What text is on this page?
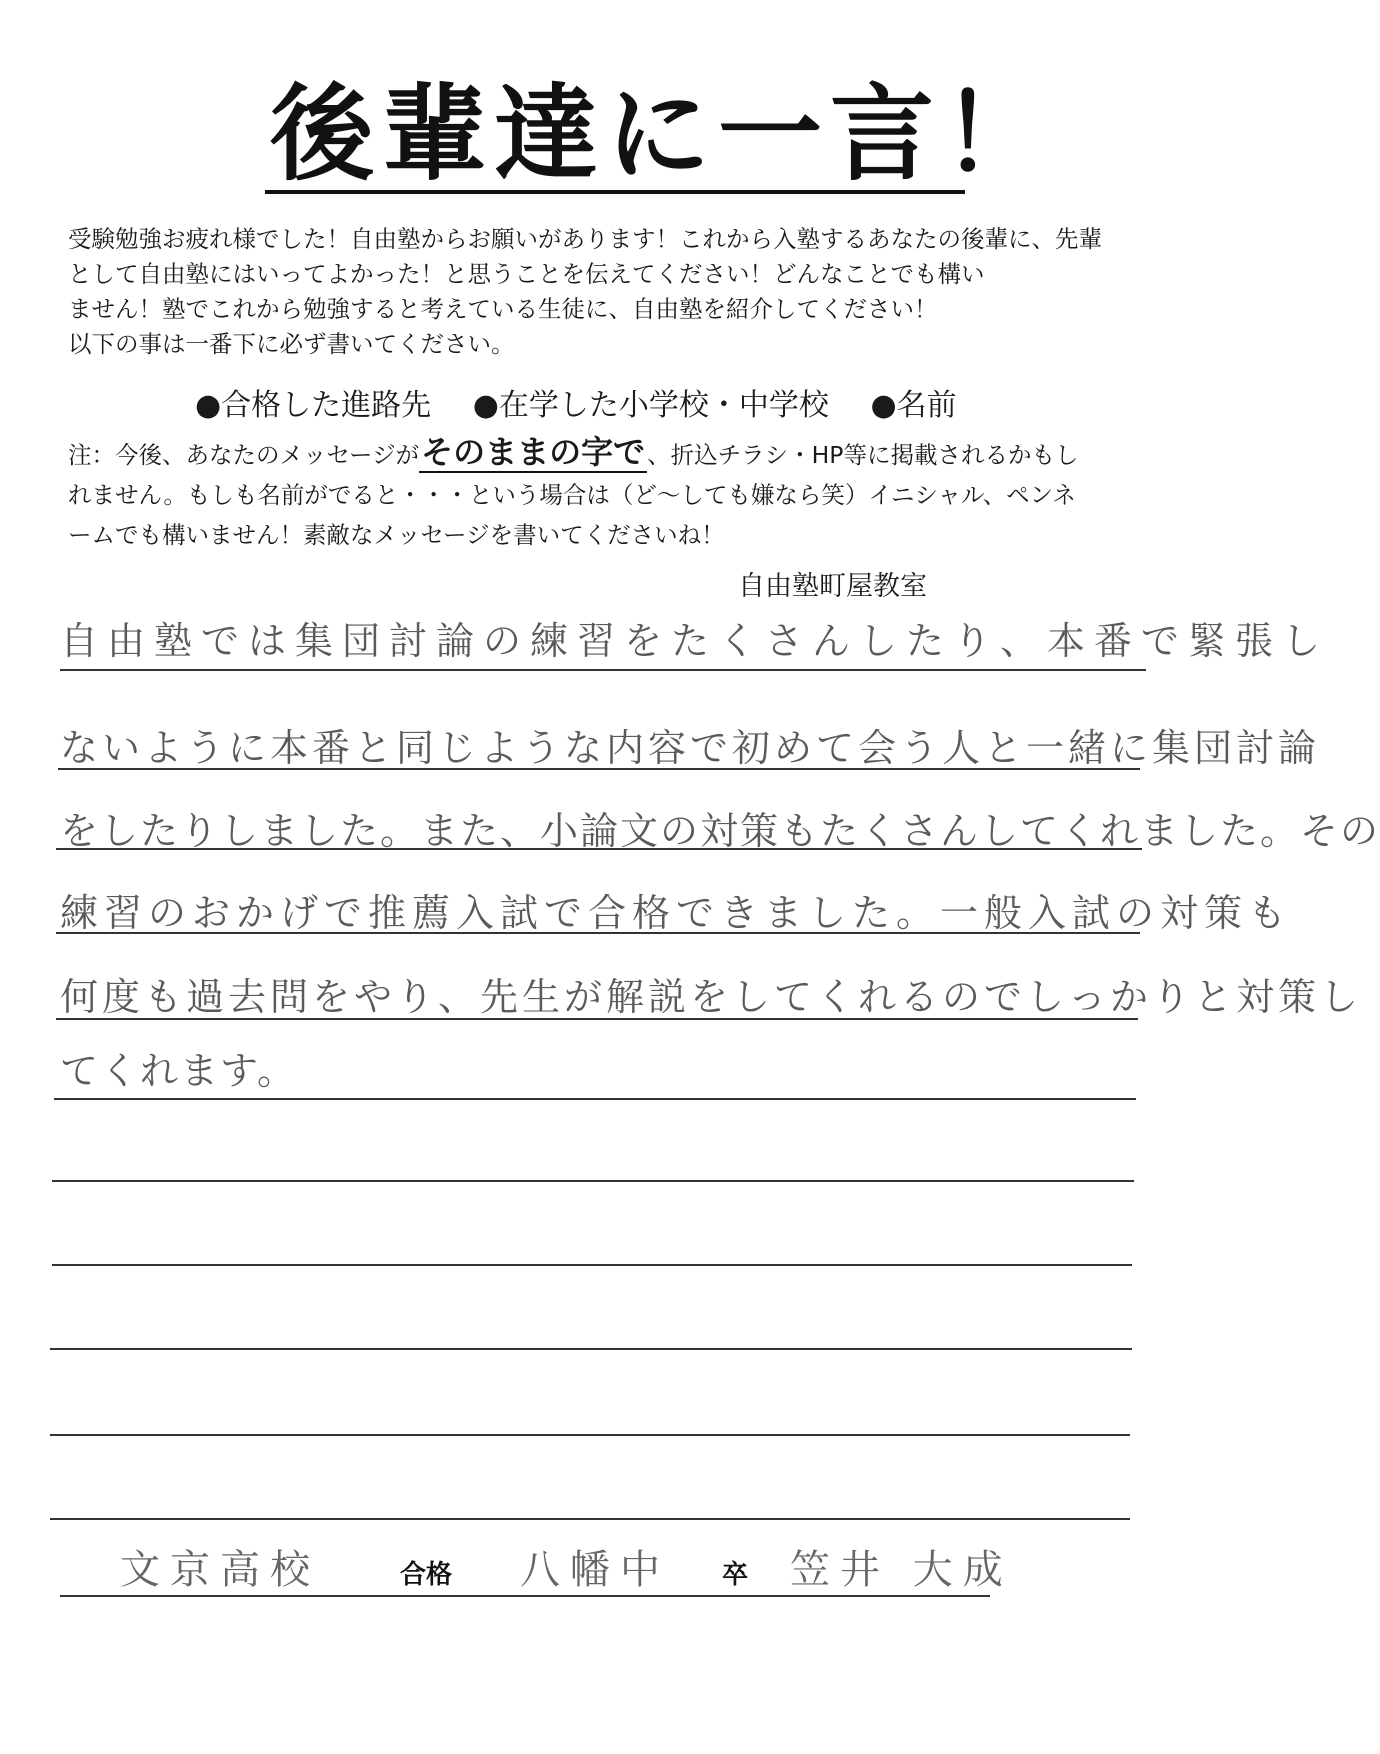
後輩達に一言！

受験勉強お疲れ様でした！自由塾からお願いがあります！これから入塾するあなたの後輩に、先輩

として自由塾にはいってよかった！と思うことを伝えてください！どんなことでも構い

ません！塾でこれから勉強すると考えている生徒に、自由塾を紹介してください！

以下の事は一番下に必ず書いてください。

●合格した進路先 ●在学した小学校・中学校 ●名前

注：今後、あなたのメッセージがそのままの字で、折込チラシ・HP等に掲載されるかもし

れません。もしも名前がでると・・・という場合は（ど〜しても嫌なら笑）イニシャル、ペンネ

ームでも構いません！素敵なメッセージを書いてくださいね！

自由塾町屋教室
自由塾では集団討論の練習をたくさんしたり、本番で緊張し
ないように本番と同じような内容で初めて会う人と一緒に集団討論
をしたりしました。また、小論文の対策もたくさんしてくれました。その
練習のおかげで推薦入試で合格できました。一般入試の対策も
何度も過去問をやり、先生が解説をしてくれるのでしっかりと対策し
てくれます。
文京高校	合格 八幡中 卒 笠井 大成
